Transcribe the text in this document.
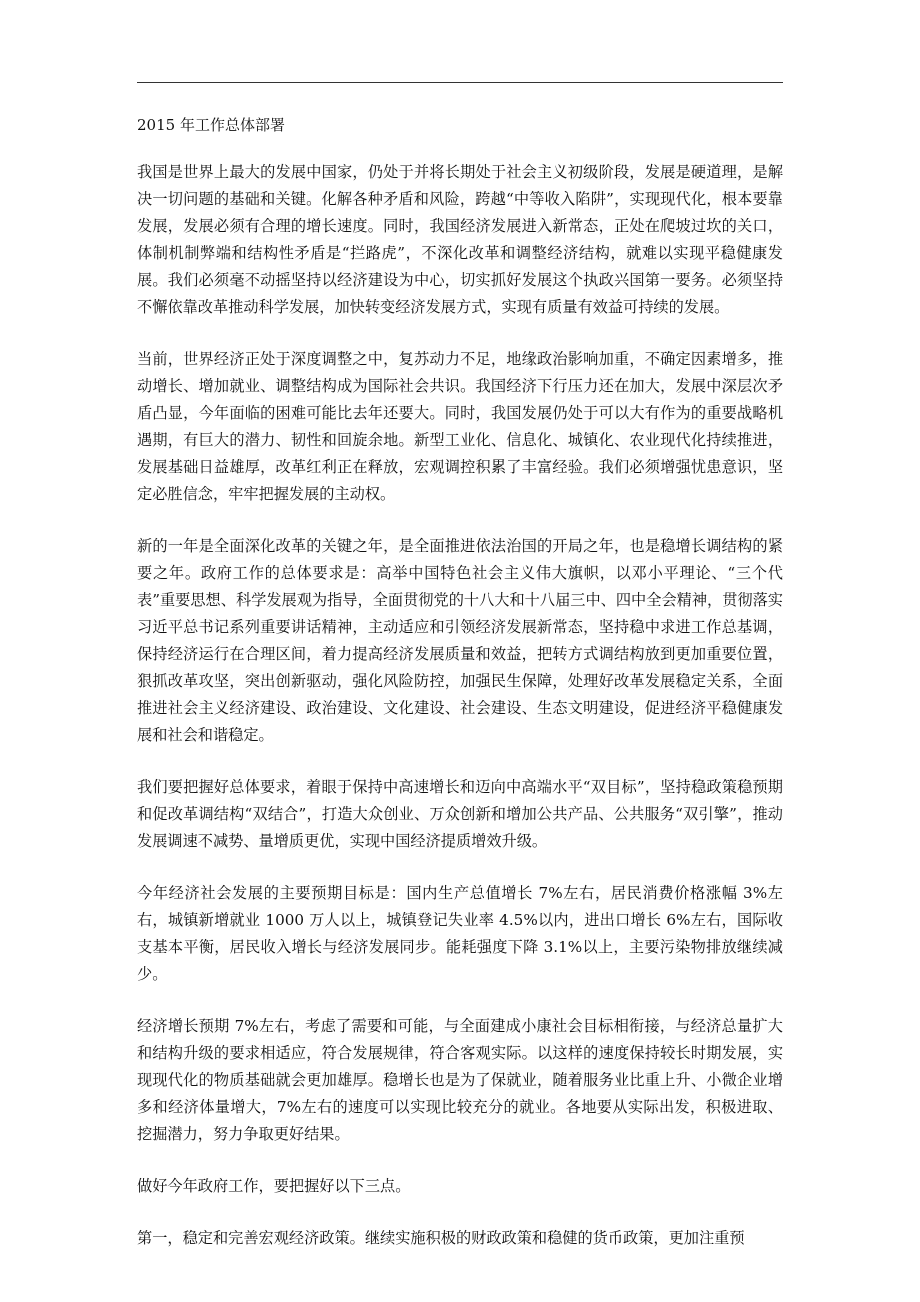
2015 年工作总体部署

我国是世界上最大的发展中国家，仍处于并将长期处于社会主义初级阶段，发展是硬道理，是解决一切问题的基础和关键。化解各种矛盾和风险，跨越“中等收入陷阱”，实现现代化，根本要靠发展，发展必须有合理的增长速度。同时，我国经济发展进入新常态，正处在爬坡过坎的关口，体制机制弊端和结构性矛盾是“拦路虎”，不深化改革和调整经济结构，就难以实现平稳健康发展。我们必须毫不动摇坚持以经济建设为中心，切实抓好发展这个执政兴国第一要务。必须坚持不懈依靠改革推动科学发展，加快转变经济发展方式，实现有质量有效益可持续的发展。

当前，世界经济正处于深度调整之中，复苏动力不足，地缘政治影响加重，不确定因素增多，推动增长、增加就业、调整结构成为国际社会共识。我国经济下行压力还在加大，发展中深层次矛盾凸显，今年面临的困难可能比去年还要大。同时，我国发展仍处于可以大有作为的重要战略机遇期，有巨大的潜力、韧性和回旋余地。新型工业化、信息化、城镇化、农业现代化持续推进，发展基础日益雄厚，改革红利正在释放，宏观调控积累了丰富经验。我们必须增强忧患意识，坚定必胜信念，牢牢把握发展的主动权。

新的一年是全面深化改革的关键之年，是全面推进依法治国的开局之年，也是稳增长调结构的紧要之年。政府工作的总体要求是：高举中国特色社会主义伟大旗帜，以邓小平理论、“三个代表”重要思想、科学发展观为指导，全面贯彻党的十八大和十八届三中、四中全会精神，贯彻落实习近平总书记系列重要讲话精神，主动适应和引领经济发展新常态，坚持稳中求进工作总基调，保持经济运行在合理区间，着力提高经济发展质量和效益，把转方式调结构放到更加重要位置，狠抓改革攻坚，突出创新驱动，强化风险防控，加强民生保障，处理好改革发展稳定关系，全面推进社会主义经济建设、政治建设、文化建设、社会建设、生态文明建设，促进经济平稳健康发展和社会和谐稳定。

我们要把握好总体要求，着眼于保持中高速增长和迈向中高端水平“双目标”，坚持稳政策稳预期和促改革调结构“双结合”，打造大众创业、万众创新和增加公共产品、公共服务“双引擎”，推动发展调速不减势、量增质更优，实现中国经济提质增效升级。

今年经济社会发展的主要预期目标是：国内生产总值增长 7%左右，居民消费价格涨幅 3%左右，城镇新增就业 1000 万人以上，城镇登记失业率 4.5%以内，进出口增长 6%左右，国际收支基本平衡，居民收入增长与经济发展同步。能耗强度下降 3.1%以上，主要污染物排放继续减少。

经济增长预期 7%左右，考虑了需要和可能，与全面建成小康社会目标相衔接，与经济总量扩大和结构升级的要求相适应，符合发展规律，符合客观实际。以这样的速度保持较长时期发展，实现现代化的物质基础就会更加雄厚。稳增长也是为了保就业，随着服务业比重上升、小微企业增多和经济体量增大，7%左右的速度可以实现比较充分的就业。各地要从实际出发，积极进取、挖掘潜力，努力争取更好结果。

做好今年政府工作，要把握好以下三点。

第一，稳定和完善宏观经济政策。继续实施积极的财政政策和稳健的货币政策，更加注重预
